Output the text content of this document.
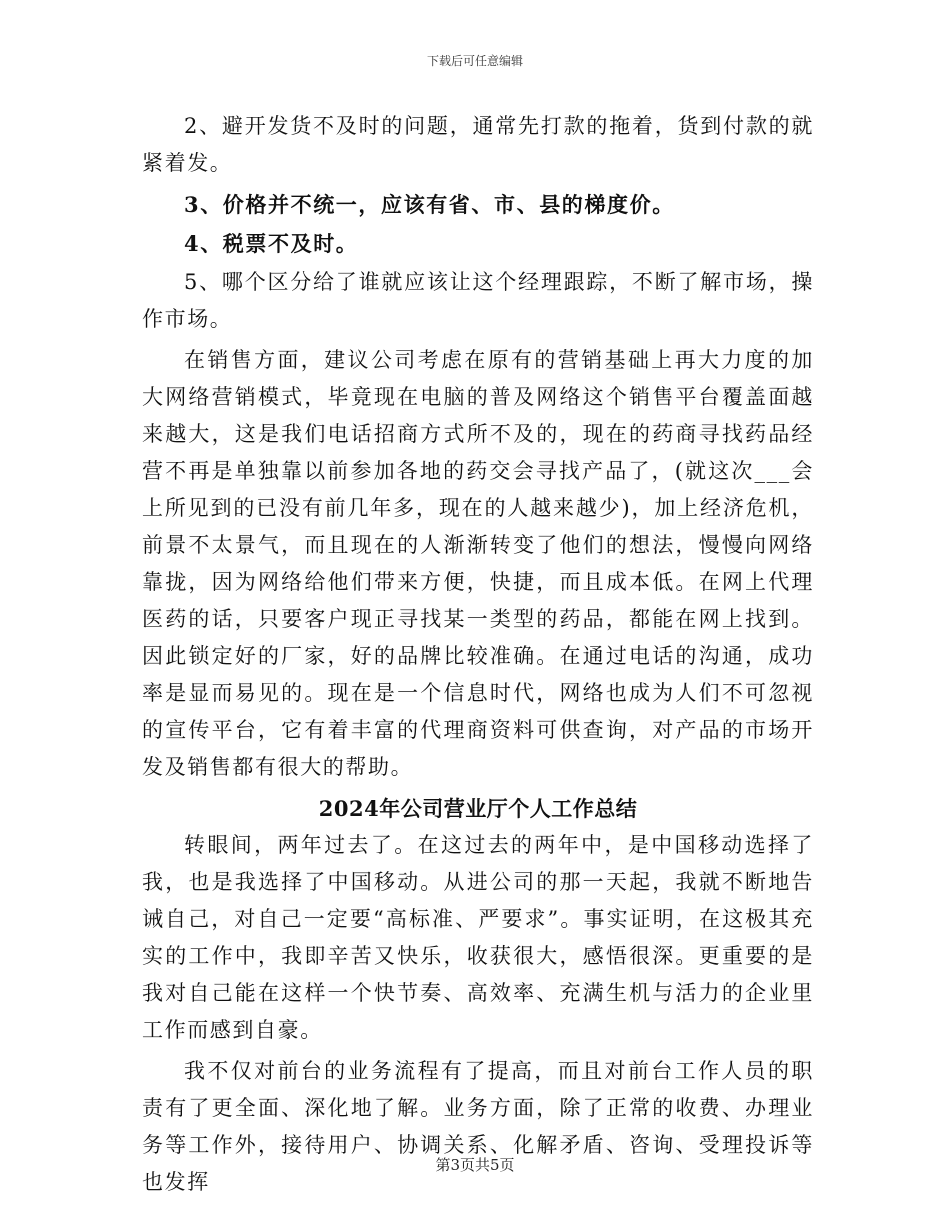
下载后可任意编辑

2、避开发货不及时的问题，通常先打款的拖着，货到付款的就紧着发。

3、价格并不统一，应该有省、市、县的梯度价。

4、税票不及时。

5、哪个区分给了谁就应该让这个经理跟踪，不断了解市场，操作市场。

在销售方面，建议公司考虑在原有的营销基础上再大力度的加大网络营销模式，毕竟现在电脑的普及网络这个销售平台覆盖面越来越大，这是我们电话招商方式所不及的，现在的药商寻找药品经营不再是单独靠以前参加各地的药交会寻找产品了，(就这次___会上所见到的已没有前几年多，现在的人越来越少)，加上经济危机，前景不太景气，而且现在的人渐渐转变了他们的想法，慢慢向网络靠拢，因为网络给他们带来方便，快捷，而且成本低。在网上代理医药的话，只要客户现正寻找某一类型的药品，都能在网上找到。因此锁定好的厂家，好的品牌比较准确。在通过电话的沟通，成功率是显而易见的。现在是一个信息时代，网络也成为人们不可忽视的宣传平台，它有着丰富的代理商资料可供查询，对产品的市场开发及销售都有很大的帮助。

2024年公司营业厅个人工作总结

转眼间，两年过去了。在这过去的两年中，是中国移动选择了我，也是我选择了中国移动。从进公司的那一天起，我就不断地告诫自己，对自己一定要“高标准、严要求”。事实证明，在这极其充实的工作中，我即辛苦又快乐，收获很大，感悟很深。更重要的是我对自己能在这样一个快节奏、高效率、充满生机与活力的企业里工作而感到自豪。

我不仅对前台的业务流程有了提高，而且对前台工作人员的职责有了更全面、深化地了解。业务方面，除了正常的收费、办理业务等工作外，接待用户、协调关系、化解矛盾、咨询、受理投诉等也发挥

第3页共5页
